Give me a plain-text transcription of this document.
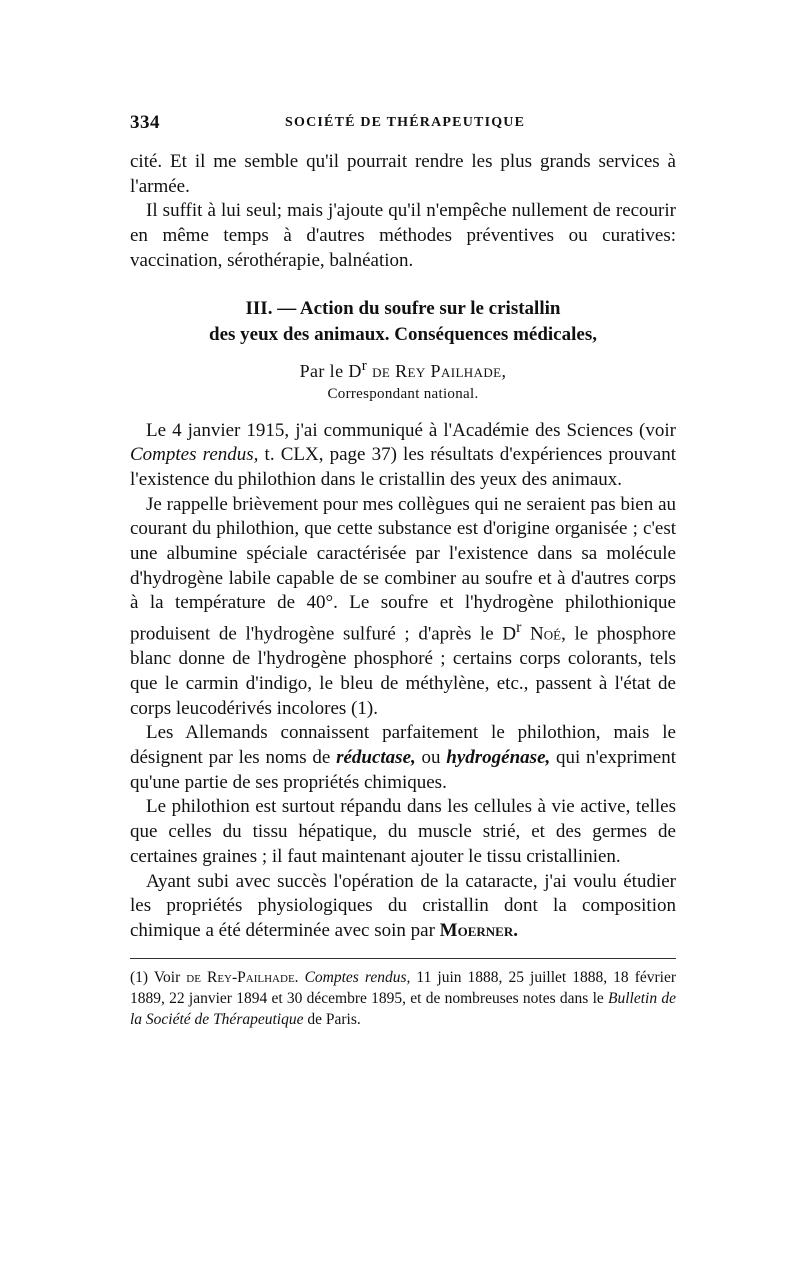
334	SOCIÉTÉ DE THÉRAPEUTIQUE

cité. Et il me semble qu'il pourrait rendre les plus grands services à l'armée.

Il suffit à lui seul; mais j'ajoute qu'il n'empêche nullement de recourir en même temps à d'autres méthodes préventives ou curatives: vaccination, sérothérapie, balnéation.

III. — Action du soufre sur le cristallin
des yeux des animaux. Conséquences médicales,
Par le $D^r$ de Rey Pailhade,
Correspondant national.

Le 4 janvier 1915, j'ai communiqué à l'Académie des Sciences (voir Comptes rendus, t. CLX, page 37) les résultats d'expériences prouvant l'existence du philothion dans le cristallin des yeux des animaux.

Je rappelle brièvement pour mes collègues qui ne seraient pas bien au courant du philothion, que cette substance est d'origine organisée ; c'est une albumine spéciale caractérisée par l'existence dans sa molécule d'hydrogène labile capable de se combiner au soufre et à d'autres corps à la température de 40°. Le soufre et l'hydrogène philothionique produisent de l'hydrogène sulfuré ; d'après le $D^r$ Noé, le phosphore blanc donne de l'hydrogène phosphoré ; certains corps colorants, tels que le carmin d'indigo, le bleu de méthylène, etc., passent à l'état de corps leucodérivés incolores (1).

Les Allemands connaissent parfaitement le philothion, mais le désignent par les noms de réductase, ou hydrogénase, qui n'expriment qu'une partie de ses propriétés chimiques.

Le philothion est surtout répandu dans les cellules à vie active, telles que celles du tissu hépatique, du muscle strié, et des germes de certaines graines ; il faut maintenant ajouter le tissu cristallinien.

Ayant subi avec succès l'opération de la cataracte, j'ai voulu étudier les propriétés physiologiques du cristallin dont la composition chimique a été déterminée avec soin par Moerner.

(1) Voir de Rey-Pailhade. Comptes rendus, 11 juin 1888, 25 juillet 1888, 18 février 1889, 22 janvier 1894 et 30 décembre 1895, et de nombreuses notes dans le Bulletin de la Société de Thérapeutique de Paris.
